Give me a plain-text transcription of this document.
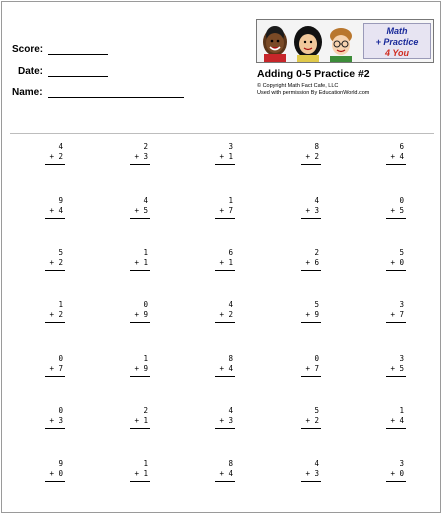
Score:
Date:
Name:
Math
+ Practice
4 You
Adding 0-5 Practice #2
© Copyright Math Fact Cafe, LLC
Used with permission By EducationWorld.com
4
+ 2
2
+ 3
3
+ 1
8
+ 2
6
+ 4
9
+ 4
4
+ 5
1
+ 7
4
+ 3
0
+ 5
5
+ 2
1
+ 1
6
+ 1
2
+ 6
5
+ 0
1
+ 2
0
+ 9
4
+ 2
5
+ 9
3
+ 7
0
+ 7
1
+ 9
8
+ 4
0
+ 7
3
+ 5
0
+ 3
2
+ 1
4
+ 3
5
+ 2
1
+ 4
9
+ 0
1
+ 1
8
+ 4
4
+ 3
3
+ 0
